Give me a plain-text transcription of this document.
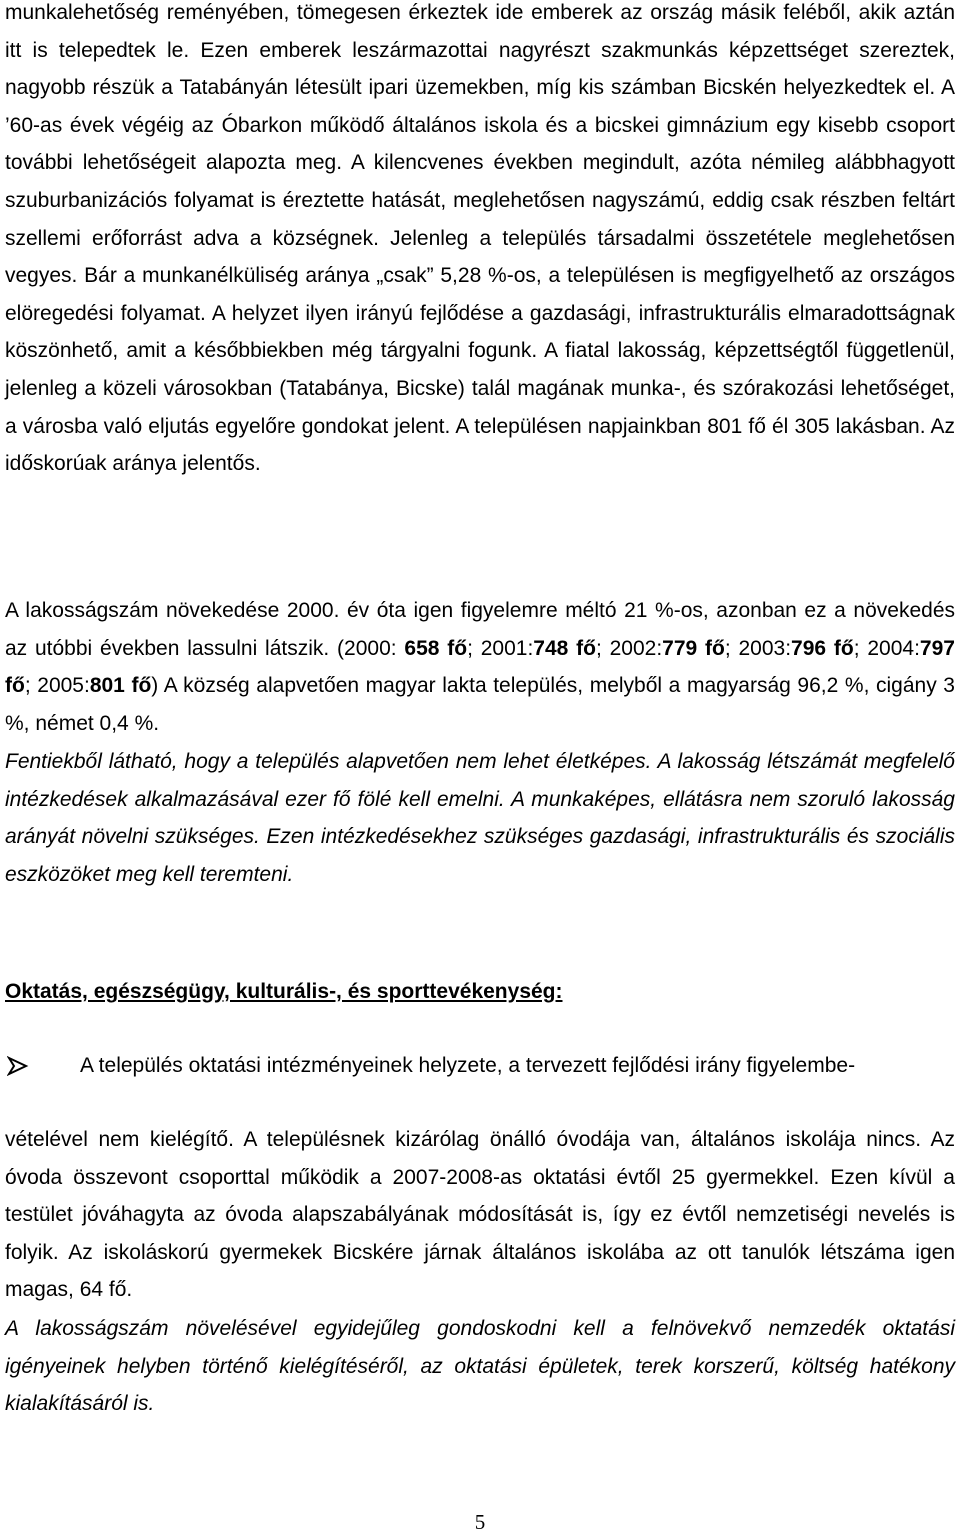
munkalehetőség reményében, tömegesen érkeztek ide emberek az ország másik feléből, akik aztán itt is telepedtek le. Ezen emberek leszármazottai nagyrészt szakmunkás képzettséget szereztek, nagyobb részük a Tatabányán létesült ipari üzemekben, míg kis számban Bicskén helyezkedtek el. A ’60-as évek végéig az Óbarkon működő általános iskola és a bicskei gimnázium egy kisebb csoport további lehetőségeit alapozta meg. A kilencvenes években megindult, azóta némileg alábbhagyott szuburbanizációs folyamat is éreztette hatását, meglehetősen nagyszámú, eddig csak részben feltárt szellemi erőforrást adva a községnek. Jelenleg a település társadalmi összetétele meglehetősen vegyes. Bár a munkanélküliség aránya „csak” 5,28 %-os, a településen is megfigyelhető az országos elöregedési folyamat. A helyzet ilyen irányú fejlődése a gazdasági, infrastrukturális elmaradottságnak köszönhető, amit a későbbiekben még tárgyalni fogunk. A fiatal lakosság, képzettségtől függetlenül, jelenleg a közeli városokban (Tatabánya, Bicske) talál magának munka-, és szórakozási lehetőséget, a városba való eljutás egyelőre gondokat jelent. A településen napjainkban 801 fő él 305 lakásban. Az időskorúak aránya jelentős.

A lakosságszám növekedése 2000. év óta igen figyelemre méltó 21 %-os, azonban ez a növekedés az utóbbi években lassulni látszik. (2000: 658 fő; 2001:748 fő; 2002:779 fő; 2003:796 fő; 2004:797 fő; 2005:801 fő) A község alapvetően magyar lakta település, melyből a magyarság 96,2 %, cigány 3 %, német 0,4 %.

Fentiekből látható, hogy a település alapvetően nem lehet életképes. A lakosság létszámát megfelelő intézkedések alkalmazásával ezer fő fölé kell emelni. A munkaképes, ellátásra nem szoruló lakosság arányát növelni szükséges. Ezen intézkedésekhez szükséges gazdasági, infrastrukturális és szociális eszközöket meg kell teremteni.

Oktatás, egészségügy, kulturális-, és sporttevékenység:

A település oktatási intézményeinek helyzete, a tervezett fejlődési irány figyelembe-

vételével nem kielégítő. A településnek kizárólag önálló óvodája van, általános iskolája nincs. Az óvoda összevont csoporttal működik a 2007-2008-as oktatási évtől 25 gyermekkel. Ezen kívül a testület jóváhagyta az óvoda alapszabályának módosítását is, így ez évtől nemzetiségi nevelés is folyik. Az iskoláskorú gyermekek Bicskére járnak általános iskolába az ott tanulók létszáma igen magas, 64 fő.

A lakosságszám növelésével egyidejűleg gondoskodni kell a felnövekvő nemzedék oktatási igényeinek helyben történő kielégítéséről, az oktatási épületek, terek korszerű, költség hatékony kialakításáról is.

5
